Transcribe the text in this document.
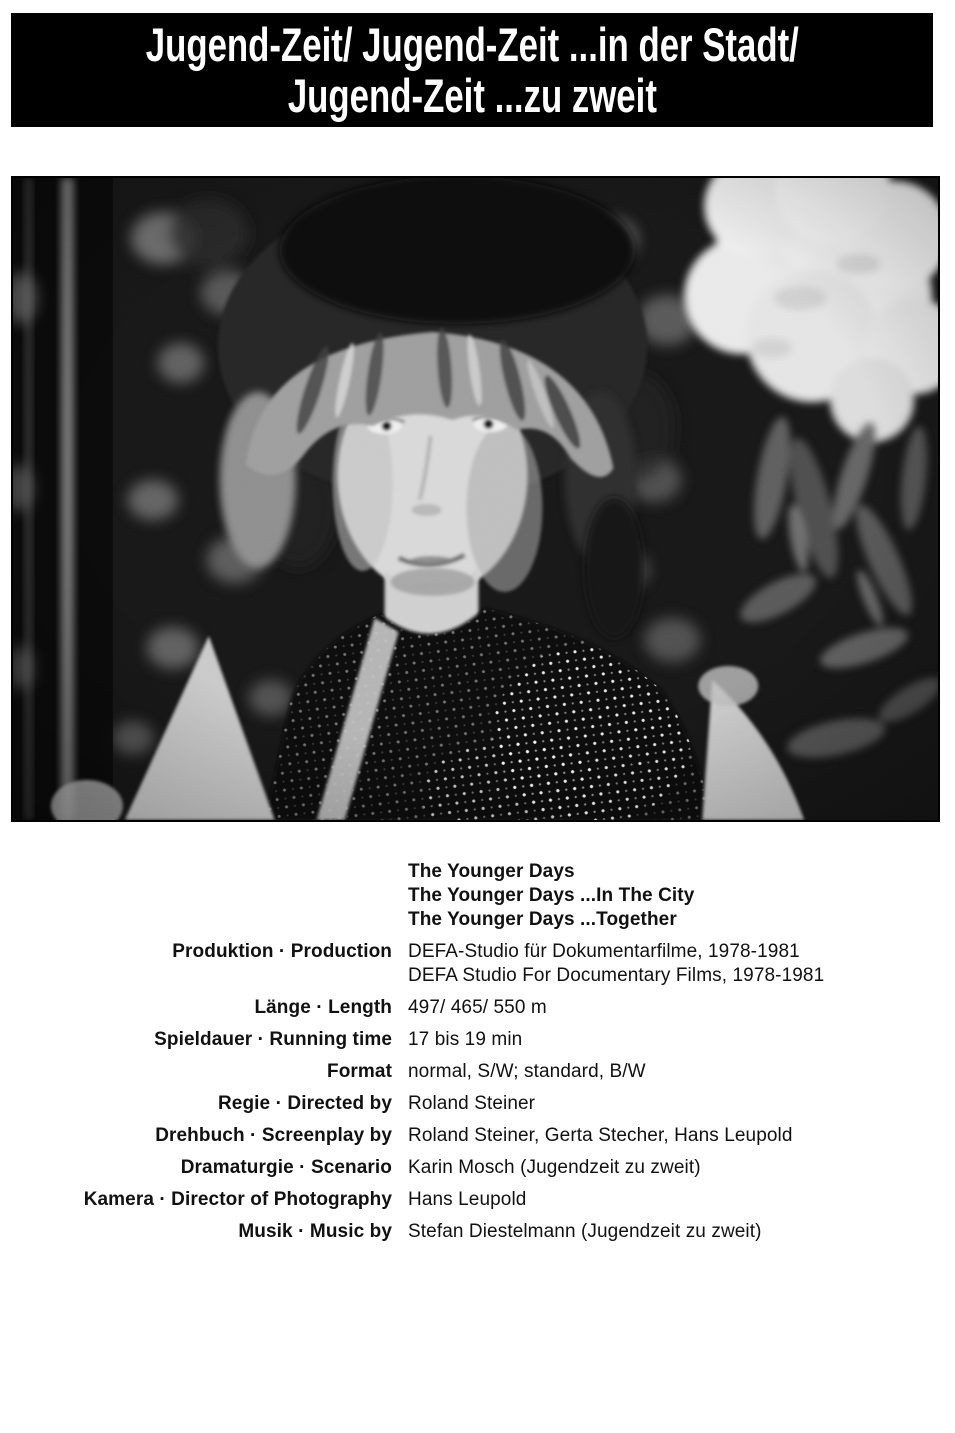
Jugend-Zeit/ Jugend-Zeit ...in der Stadt/
Jugend-Zeit ...zu zweit
The Younger Days
The Younger Days ...In The City
The Younger Days ...Together
Produktion · Production DEFA-Studio für Dokumentarfilme, 1978-1981
DEFA Studio For Documentary Films, 1978-1981
Länge · Length 497/ 465/ 550 m
Spieldauer · Running time 17 bis 19 min
Format normal, S/W; standard, B/W
Regie · Directed by Roland Steiner
Drehbuch · Screenplay by Roland Steiner, Gerta Stecher, Hans Leupold
Dramaturgie · Scenario Karin Mosch (Jugendzeit zu zweit)
Kamera · Director of Photography Hans Leupold
Musik · Music by Stefan Diestelmann (Jugendzeit zu zweit)
